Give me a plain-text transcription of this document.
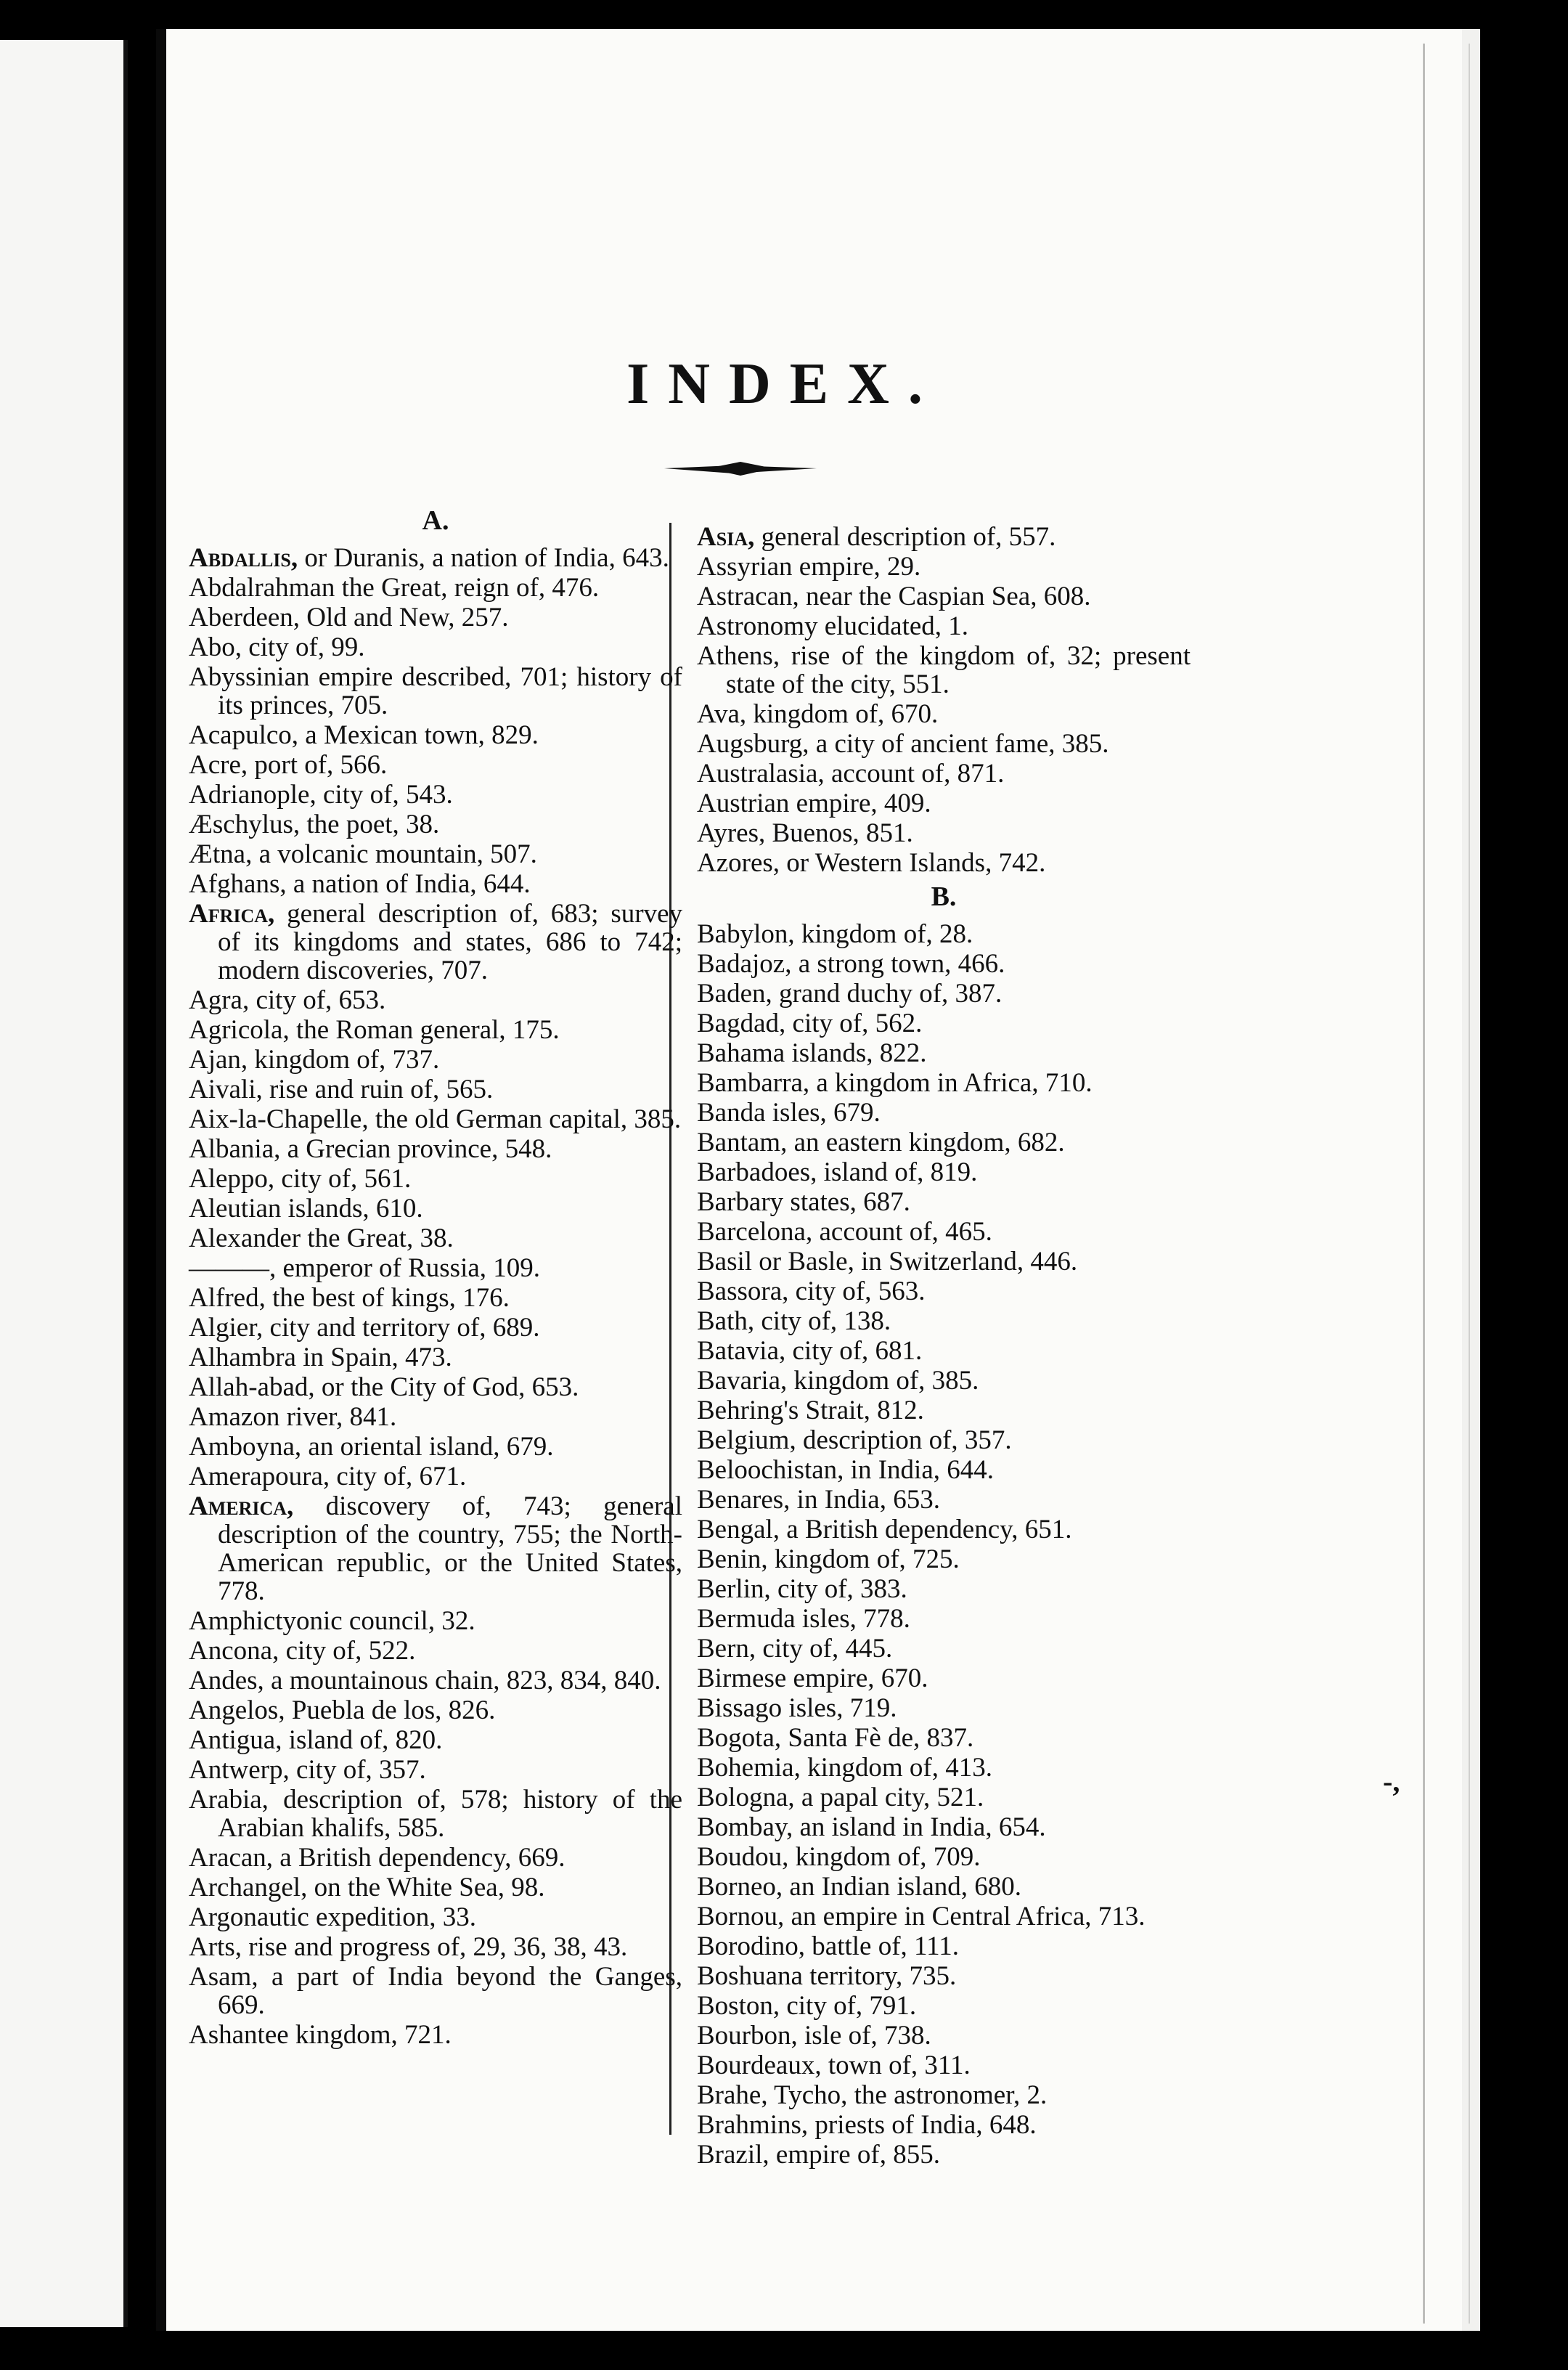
INDEX.
A.
Abdallis, or Duranis, a nation of India, 643.
Abdalrahman the Great, reign of, 476.
Aberdeen, Old and New, 257.
Abo, city of, 99.
Abyssinian empire described, 701; history of its princes, 705.
Acapulco, a Mexican town, 829.
Acre, port of, 566.
Adrianople, city of, 543.
Æschylus, the poet, 38.
Ætna, a volcanic mountain, 507.
Afghans, a nation of India, 644.
Africa, general description of, 683; survey of its kingdoms and states, 686 to 742; modern discoveries, 707.
Agra, city of, 653.
Agricola, the Roman general, 175.
Ajan, kingdom of, 737.
Aivali, rise and ruin of, 565.
Aix-la-Chapelle, the old German capital, 385.
Albania, a Grecian province, 548.
Aleppo, city of, 561.
Aleutian islands, 610.
Alexander the Great, 38.
———, emperor of Russia, 109.
Alfred, the best of kings, 176.
Algier, city and territory of, 689.
Alhambra in Spain, 473.
Allah-abad, or the City of God, 653.
Amazon river, 841.
Amboyna, an oriental island, 679.
Amerapoura, city of, 671.
America, discovery of, 743; general description of the country, 755; the North-American republic, or the United States, 778.
Amphictyonic council, 32.
Ancona, city of, 522.
Andes, a mountainous chain, 823, 834, 840.
Angelos, Puebla de los, 826.
Antigua, island of, 820.
Antwerp, city of, 357.
Arabia, description of, 578; history of the Arabian khalifs, 585.
Aracan, a British dependency, 669.
Archangel, on the White Sea, 98.
Argonautic expedition, 33.
Arts, rise and progress of, 29, 36, 38, 43.
Asam, a part of India beyond the Ganges, 669.
Ashantee kingdom, 721.
Asia, general description of, 557.
Assyrian empire, 29.
Astracan, near the Caspian Sea, 608.
Astronomy elucidated, 1.
Athens, rise of the kingdom of, 32; present state of the city, 551.
Ava, kingdom of, 670.
Augsburg, a city of ancient fame, 385.
Australasia, account of, 871.
Austrian empire, 409.
Ayres, Buenos, 851.
Azores, or Western Islands, 742.
B.
Babylon, kingdom of, 28.
Badajoz, a strong town, 466.
Baden, grand duchy of, 387.
Bagdad, city of, 562.
Bahama islands, 822.
Bambarra, a kingdom in Africa, 710.
Banda isles, 679.
Bantam, an eastern kingdom, 682.
Barbadoes, island of, 819.
Barbary states, 687.
Barcelona, account of, 465.
Basil or Basle, in Switzerland, 446.
Bassora, city of, 563.
Bath, city of, 138.
Batavia, city of, 681.
Bavaria, kingdom of, 385.
Behring's Strait, 812.
Belgium, description of, 357.
Beloochistan, in India, 644.
Benares, in India, 653.
Bengal, a British dependency, 651.
Benin, kingdom of, 725.
Berlin, city of, 383.
Bermuda isles, 778.
Bern, city of, 445.
Birmese empire, 670.
Bissago isles, 719.
Bogota, Santa Fè de, 837.
Bohemia, kingdom of, 413.
Bologna, a papal city, 521.
Bombay, an island in India, 654.
Boudou, kingdom of, 709.
Borneo, an Indian island, 680.
Bornou, an empire in Central Africa, 713.
Borodino, battle of, 111.
Boshuana territory, 735.
Boston, city of, 791.
Bourbon, isle of, 738.
Bourdeaux, town of, 311.
Brahe, Tycho, the astronomer, 2.
Brahmins, priests of India, 648.
Brazil, empire of, 855.
-,
